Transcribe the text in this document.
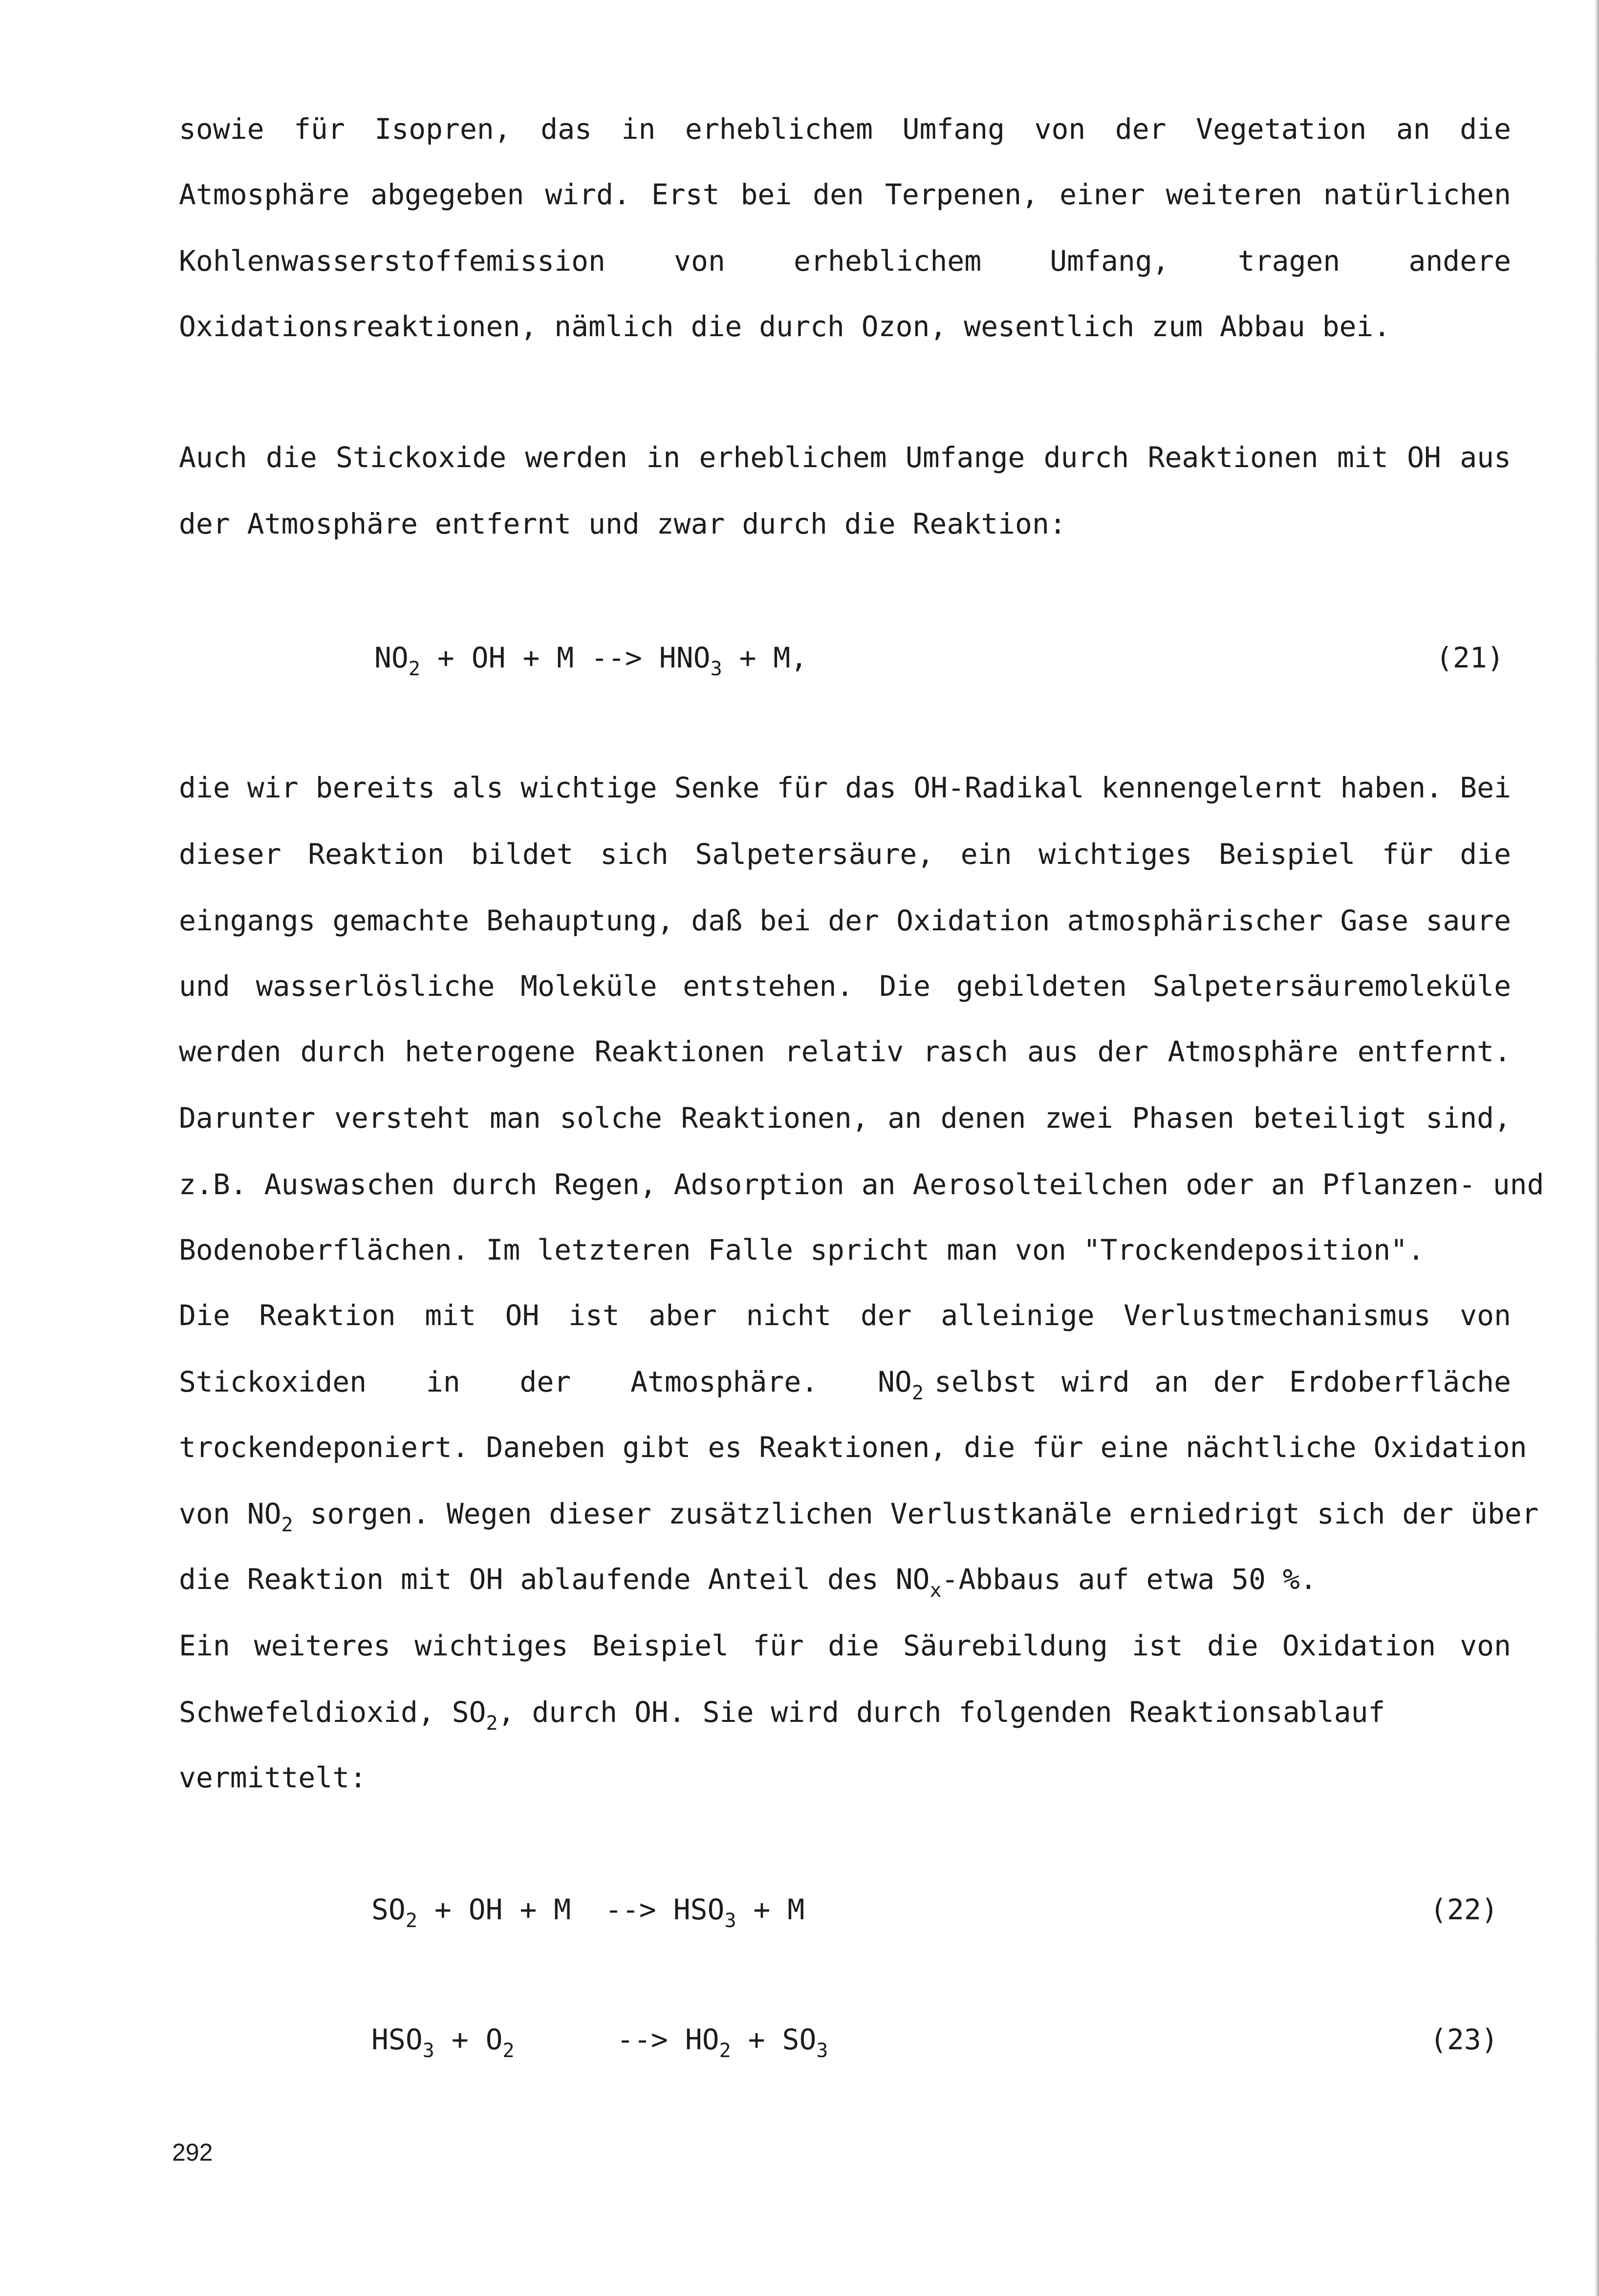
sowie für Isopren, das in erheblichem Umfang von der Vegetation an die
Atmosphäre abgegeben wird. Erst bei den Terpenen, einer weiteren natürlichen
Kohlenwasserstoffemission von erheblichem Umfang, tragen andere
Oxidationsreaktionen, nämlich die durch Ozon, wesentlich zum Abbau bei.
Auch die Stickoxide werden in erheblichem Umfange durch Reaktionen mit OH aus
der Atmosphäre entfernt und zwar durch die Reaktion:
$NO_2$ + OH + M --> $HNO_3 + M$,	(21)
die wir bereits als wichtige Senke für das OH-Radikal kennengelernt haben. Bei
dieser Reaktion bildet sich Salpetersäure, ein wichtiges Beispiel für die
eingangs gemachte Behauptung, daß bei der Oxidation atmosphärischer Gase saure
und wasserlösliche Moleküle entstehen. Die gebildeten Salpetersäuremoleküle
werden durch heterogene Reaktionen relativ rasch aus der Atmosphäre entfernt.
Darunter versteht man solche Reaktionen, an denen zwei Phasen beteiligt sind,
z.B. Auswaschen durch Regen, Adsorption an Aerosolteilchen oder an Pflanzen- und
Bodenoberflächen. Im letzteren Falle spricht man von "Trockendeposition".
Die Reaktion mit OH ist aber nicht der alleinige Verlustmechanismus von
Stickoxiden in der Atmosphäre. $NO_2$ selbst wird an der Erdoberfläche
trockendeponiert. Daneben gibt es Reaktionen, die für eine nächtliche Oxidation
von $NO_2$ sorgen. Wegen dieser zusätzlichen Verlustkanäle erniedrigt sich der über
die Reaktion mit OH ablaufende Anteil des $NO_x$-Abbaus auf etwa 50 %.
Ein weiteres wichtiges Beispiel für die Säurebildung ist die Oxidation von
Schwefeldioxid, $SO_2$, durch OH. Sie wird durch folgenden Reaktionsablauf
vermittelt:
$SO_2$ + OH + M  --> $HSO_3 + M$	(22)
$HSO_3 + O_2$      --> $HO_2 + SO_3$	(23)
292
